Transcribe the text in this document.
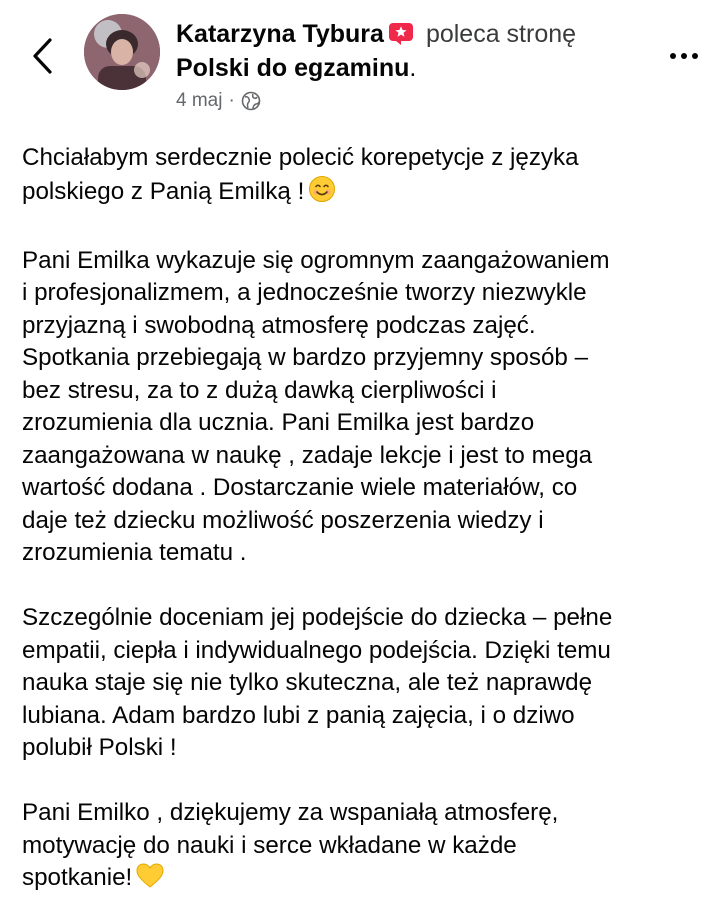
Katarzyna Tybura poleca stronę
Polski do egzaminu.
4 maj ·

Chciałabym serdecznie polecić korepetycje z języka

polskiego z Panią Emilką !

Pani Emilka wykazuje się ogromnym zaangażowaniem

i profesjonalizmem, a jednocześnie tworzy niezwykle

przyjazną i swobodną atmosferę podczas zajęć.

Spotkania przebiegają w bardzo przyjemny sposób –

bez stresu, za to z dużą dawką cierpliwości i

zrozumienia dla ucznia. Pani Emilka jest bardzo

zaangażowana w naukę , zadaje lekcje i jest to mega

wartość dodana . Dostarczanie wiele materiałów, co

daje też dziecku możliwość poszerzenia wiedzy i

zrozumienia tematu .

Szczególnie doceniam jej podejście do dziecka – pełne

empatii, ciepła i indywidualnego podejścia. Dzięki temu

nauka staje się nie tylko skuteczna, ale też naprawdę

lubiana. Adam bardzo lubi z panią zajęcia, i o dziwo

polubił Polski !

Pani Emilko , dziękujemy za wspaniałą atmosferę,

motywację do nauki i serce wkładane w każde

spotkanie!
